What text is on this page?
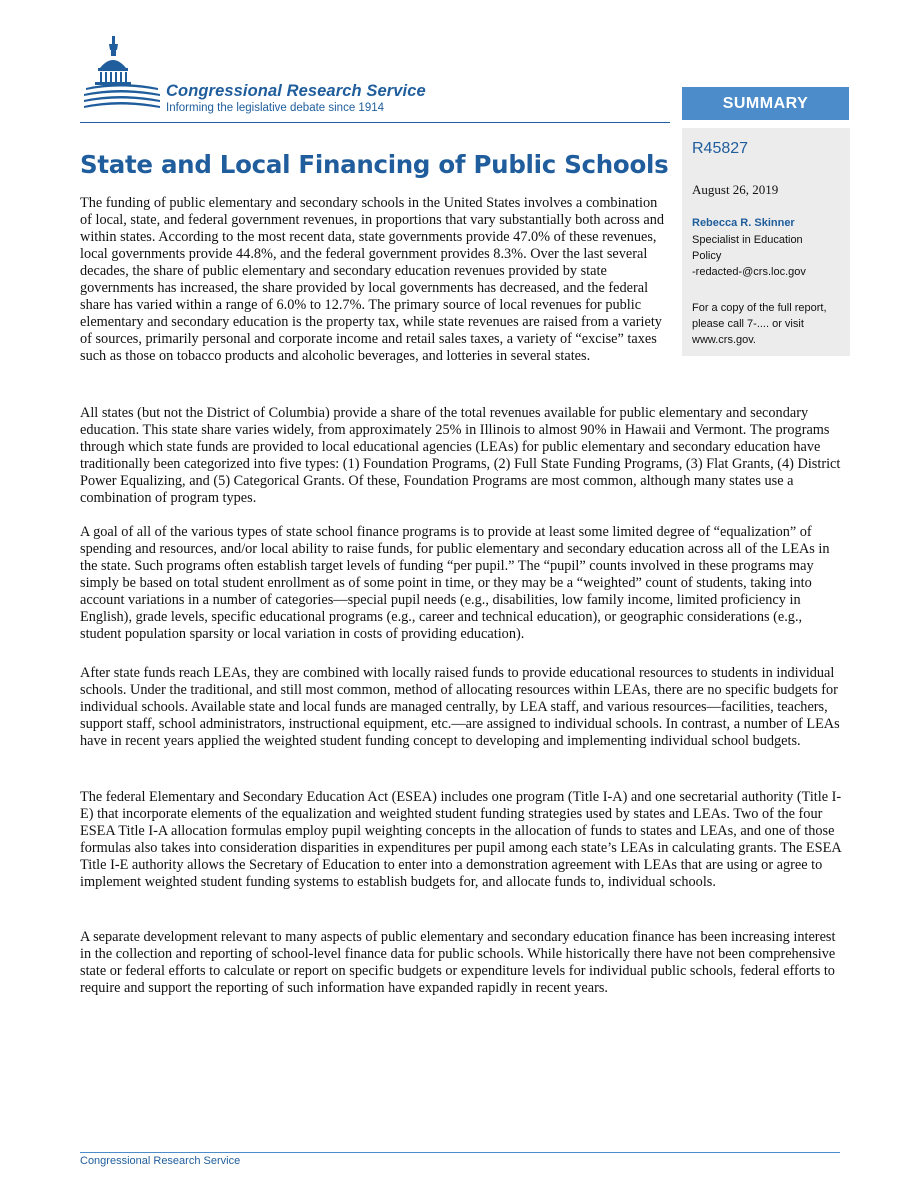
Congressional Research Service
Informing the legislative debate since 1914	SUMMARY
R45827
August 26, 2019
Rebecca R. Skinner
Specialist in Education
Policy
-redacted-@crs.loc.gov
For a copy of the full report, please call 7-.... or visit www.crs.gov.
State and Local Financing of Public Schools

The funding of public elementary and secondary schools in the United States involves a combination of local, state, and federal government revenues, in proportions that vary substantially both across and within states. According to the most recent data, state governments provide 47.0% of these revenues, local governments provide 44.8%, and the federal government provides 8.3%. Over the last several decades, the share of public elementary and secondary education revenues provided by state governments has increased, the share provided by local governments has decreased, and the federal share has varied within a range of 6.0% to 12.7%. The primary source of local revenues for public elementary and secondary education is the property tax, while state revenues are raised from a variety of sources, primarily personal and corporate income and retail sales taxes, a variety of “excise” taxes such as those on tobacco products and alcoholic beverages, and lotteries in several states.

All states (but not the District of Columbia) provide a share of the total revenues available for public elementary and secondary education. This state share varies widely, from approximately 25% in Illinois to almost 90% in Hawaii and Vermont. The programs through which state funds are provided to local educational agencies (LEAs) for public elementary and secondary education have traditionally been categorized into five types: (1) Foundation Programs, (2) Full State Funding Programs, (3) Flat Grants, (4) District Power Equalizing, and (5) Categorical Grants. Of these, Foundation Programs are most common, although many states use a combination of program types.

A goal of all of the various types of state school finance programs is to provide at least some limited degree of “equalization” of spending and resources, and/or local ability to raise funds, for public elementary and secondary education across all of the LEAs in the state. Such programs often establish target levels of funding “per pupil.” The “pupil” counts involved in these programs may simply be based on total student enrollment as of some point in time, or they may be a “weighted” count of students, taking into account variations in a number of categories—special pupil needs (e.g., disabilities, low family income, limited proficiency in English), grade levels, specific educational programs (e.g., career and technical education), or geographic considerations (e.g., student population sparsity or local variation in costs of providing education).

After state funds reach LEAs, they are combined with locally raised funds to provide educational resources to students in individual schools. Under the traditional, and still most common, method of allocating resources within LEAs, there are no specific budgets for individual schools. Available state and local funds are managed centrally, by LEA staff, and various resources—facilities, teachers, support staff, school administrators, instructional equipment, etc.—are assigned to individual schools. In contrast, a number of LEAs have in recent years applied the weighted student funding concept to developing and implementing individual school budgets.

The federal Elementary and Secondary Education Act (ESEA) includes one program (Title I-A) and one secretarial authority (Title I-E) that incorporate elements of the equalization and weighted student funding strategies used by states and LEAs. Two of the four ESEA Title I-A allocation formulas employ pupil weighting concepts in the allocation of funds to states and LEAs, and one of those formulas also takes into consideration disparities in expenditures per pupil among each state’s LEAs in calculating grants. The ESEA Title I-E authority allows the Secretary of Education to enter into a demonstration agreement with LEAs that are using or agree to implement weighted student funding systems to establish budgets for, and allocate funds to, individual schools.

A separate development relevant to many aspects of public elementary and secondary education finance has been increasing interest in the collection and reporting of school-level finance data for public schools. While historically there have not been comprehensive state or federal efforts to calculate or report on specific budgets or expenditure levels for individual public schools, federal efforts to require and support the reporting of such information have expanded rapidly in recent years.

Congressional Research Service
